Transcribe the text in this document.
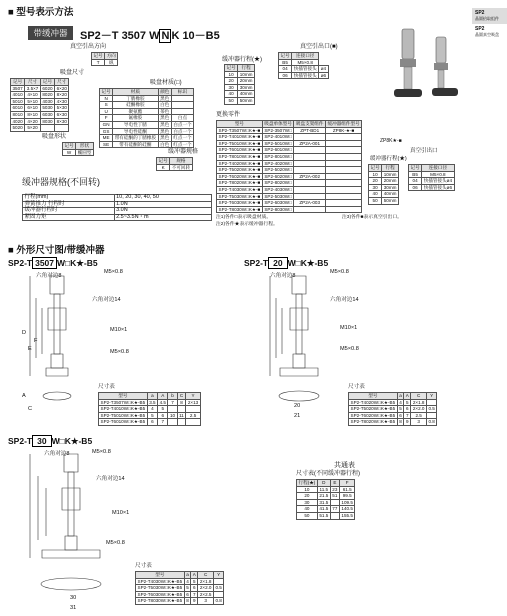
■ 型号表示方法
■ 外形尺寸图/带缓冲器
SP2
晶圆拾取组件
SP2
晶圆真空吸盘
带缓冲器	SP2－T 3507 W N K 10－B5
真空引出方向
记号	方向
T	纵
吸盘尺寸
记号	尺寸	记号	尺寸
3507	3.5×7	6020	6×20
4010	4×10	8020	8×20
5010	5×10	4030	4×30
6010	6×10	5030	5×30
8010	8×10	6030	6×30
4020	4×20	8030	8×30
5020	5×20		
吸盘材质(□)
记号	材质	颜色	标识
N	丁腈橡胶	黑色	
S	硅酮橡胶	白色	
U	聚氨酯	茶色	
F	氟橡胶	黑色	白点
GN	导电性丁腈	黑色	白点一个
GS	导电性硅酮	黑色	白点一个
ME	带有硅酮的丁腈橡胶	黑色	红点一个
SE	带有硅酮的硅酮	白色	红点一个
吸盘形状
记号	形状
W	椭圆型	缓冲器规格
记号	规格
K	不可回转
缓冲器行程(★)
记号	行程
10	10mm
20	20mm
30	30mm
40	40mm
50	50mm
真空引出口(■)
记号	连接口径	
B5	M5×0.8	
04	快插管接头	ø4
06	快插管接头	ø6
更换零件
型号	吸盘单体型号	吸盘支架组件	缓冲器组件型号
SP2-T3507W□K★-■	SP2-3507W□	ZPT-BD1	ZP8K-★-■
SP2-T4010W□K★-■	SP2-4010W□		
SP2-T5010W□K★-■	SP2-5010W□	ZP2A-001	
SP2-T6010W□K★-■	SP2-6010W□		
SP2-T8010W□K★-■	SP2-8010W□		
SP2-T4020W□K★-■	SP2-4020W□		
SP2-T5020W□K★-■	SP2-5020W□		
SP2-T6020W□K★-■	SP2-6020W□	ZP2A-002	
SP2-T8020W□K★-■	SP2-8020W□		
SP2-T4030W□K★-■	SP2-4030W□		
SP2-T5030W□K★-■	SP2-5030W□		
SP2-T6030W□K★-■	SP2-6030W□	ZP2A-003	
SP2-T8030W□K★-■	SP2-8030W□		
注1)各件□表示吸盘材质。
注2)各件★表示缓冲器行程。
注3)各件■表示真空引出口。
ZP8K★-■
真空引出口
缓冲器行程(★)
记号	行程
10	10mm
20	20mm
30	30mm
40	40mm
50	50mm
记号	连接口径
B5	M5×0.8
04	快插管接头ø4
06	快插管接头ø6
缓冲器规格(不回转)
行程(mm)	10, 20, 30, 40, 50
弹簧推力 行程时	1.0N
缓冲器行程时	3.0N
紧固力矩	2.5~3.5N・m
SP2-T 3507 W□K★-B5
六角对边8
M5×0.8
六角对边14
M10×1
M5×0.8
D
E
F
A
C
尺寸表
型号	a	A	b	C	Y
SP2-T3507W□K★-B5	3.5	4.5	7	8	2×13
SP2-T4010W□K★-B5	4	5			
SP2-T5010W□K★-B5	5	6	10	11	2.5
SP2-T6010W□K★-B5	6	7			
SP2-T 20 W□K★-B5
六角对边8
M5×0.8
六角对边14
M10×1
M5×0.8
20
21
尺寸表
型号	a	A	C	Y
SP2-T4020W□K★-B5	4	5	2×1.8	
SP2-T5020W□K★-B5	5	6	2×2.0	0.5
SP2-T6020W□K★-B5	6	7	2.5	
SP2-T8020W□K★-B5	8	9	3	0.8
SP2-T 30 W□K★-B5
六角对边8	M5×0.8
六角对边14
M10×1
M5×0.8
30
31
尺寸表
型号	a	A	C	Y
SP2-T4030W□K★-B5	4	5	2×1.8	
SP2-T5030W□K★-B5	5	6	2×2.0	0.5
SP2-T6030W□K★-B5	6	7	2×2.5	
SP2-T8030W□K★-B5	8	9	3	0.8
共通表
尺寸表(不同缓冲器行程)
行程(★)	D	E	F
10	11.5	23	61.5
20	21.5	51	99.5
30	31.5		109.5
40	41.5	77	140.5
50	51.5		155.5
